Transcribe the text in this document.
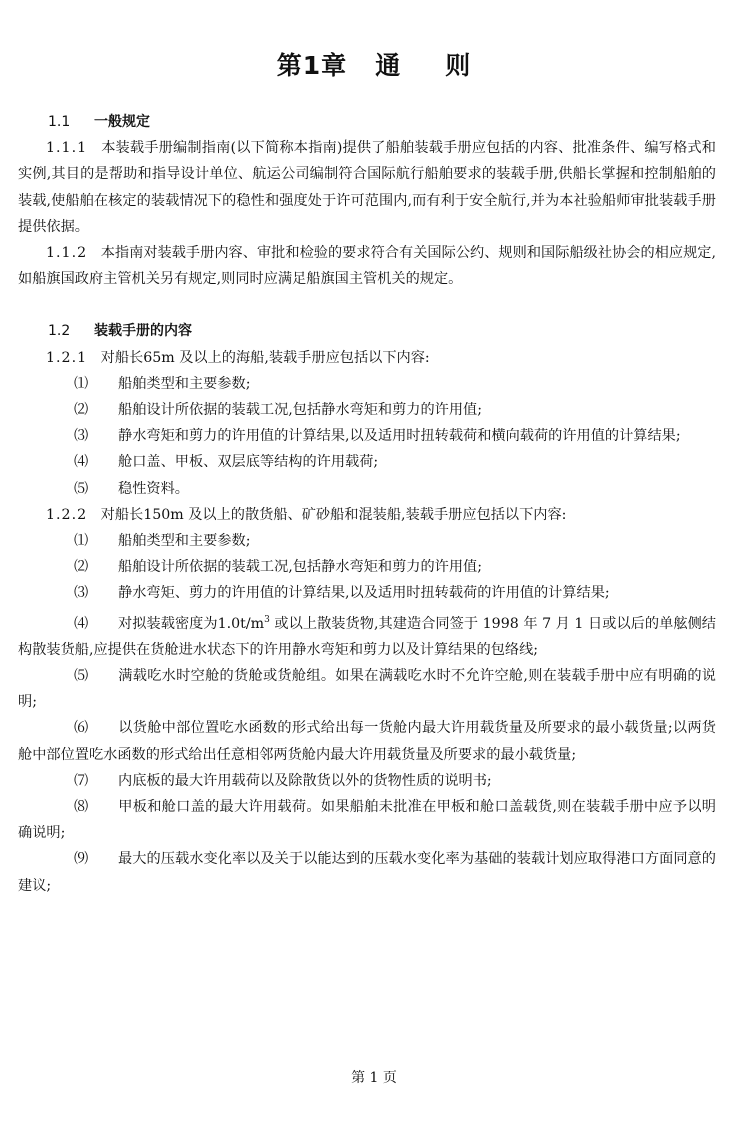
第1章 通 则
1.1 一般规定
1.1.1 本装载手册编制指南(以下简称本指南)提供了船舶装载手册应包括的内容、批准条件、编写格式和实例,其目的是帮助和指导设计单位、航运公司编制符合国际航行船舶要求的装载手册,供船长掌握和控制船舶的装载,使船舶在核定的装载情况下的稳性和强度处于许可范围内,而有利于安全航行,并为本社验船师审批装载手册提供依据。
1.1.2 本指南对装载手册内容、审批和检验的要求符合有关国际公约、规则和国际船级社协会的相应规定,如船旗国政府主管机关另有规定,则同时应满足船旗国主管机关的规定。
1.2 装载手册的内容
1.2.1 对船长65m 及以上的海船,装载手册应包括以下内容:
⑴ 船舶类型和主要参数;
⑵ 船舶设计所依据的装载工况,包括静水弯矩和剪力的许用值;
⑶ 静水弯矩和剪力的许用值的计算结果,以及适用时扭转载荷和横向载荷的许用值的计算结果;
⑷ 舱口盖、甲板、双层底等结构的许用载荷;
⑸ 稳性资料。
1.2.2 对船长150m 及以上的散货船、矿砂船和混装船,装载手册应包括以下内容:
⑴ 船舶类型和主要参数;
⑵ 船舶设计所依据的装载工况,包括静水弯矩和剪力的许用值;
⑶ 静水弯矩、剪力的许用值的计算结果,以及适用时扭转载荷的许用值的计算结果;
⑷ 对拟装载密度为$1.0t/m^3$ 或以上散装货物,其建造合同签于 1998 年 7 月 1 日或以后的单舷侧结构散装货船,应提供在货舱进水状态下的许用静水弯矩和剪力以及计算结果的包络线;
⑸ 满载吃水时空舱的货舱或货舱组。如果在满载吃水时不允许空舱,则在装载手册中应有明确的说明;
⑹ 以货舱中部位置吃水函数的形式给出每一货舱内最大许用载货量及所要求的最小载货量;以两货舱中部位置吃水函数的形式给出任意相邻两货舱内最大许用载货量及所要求的最小载货量;
⑺ 内底板的最大许用载荷以及除散货以外的货物性质的说明书;
⑻ 甲板和舱口盖的最大许用载荷。如果船舶未批准在甲板和舱口盖载货,则在装载手册中应予以明确说明;
⑼ 最大的压载水变化率以及关于以能达到的压载水变化率为基础的装载计划应取得港口方面同意的建议;
第 1 页
